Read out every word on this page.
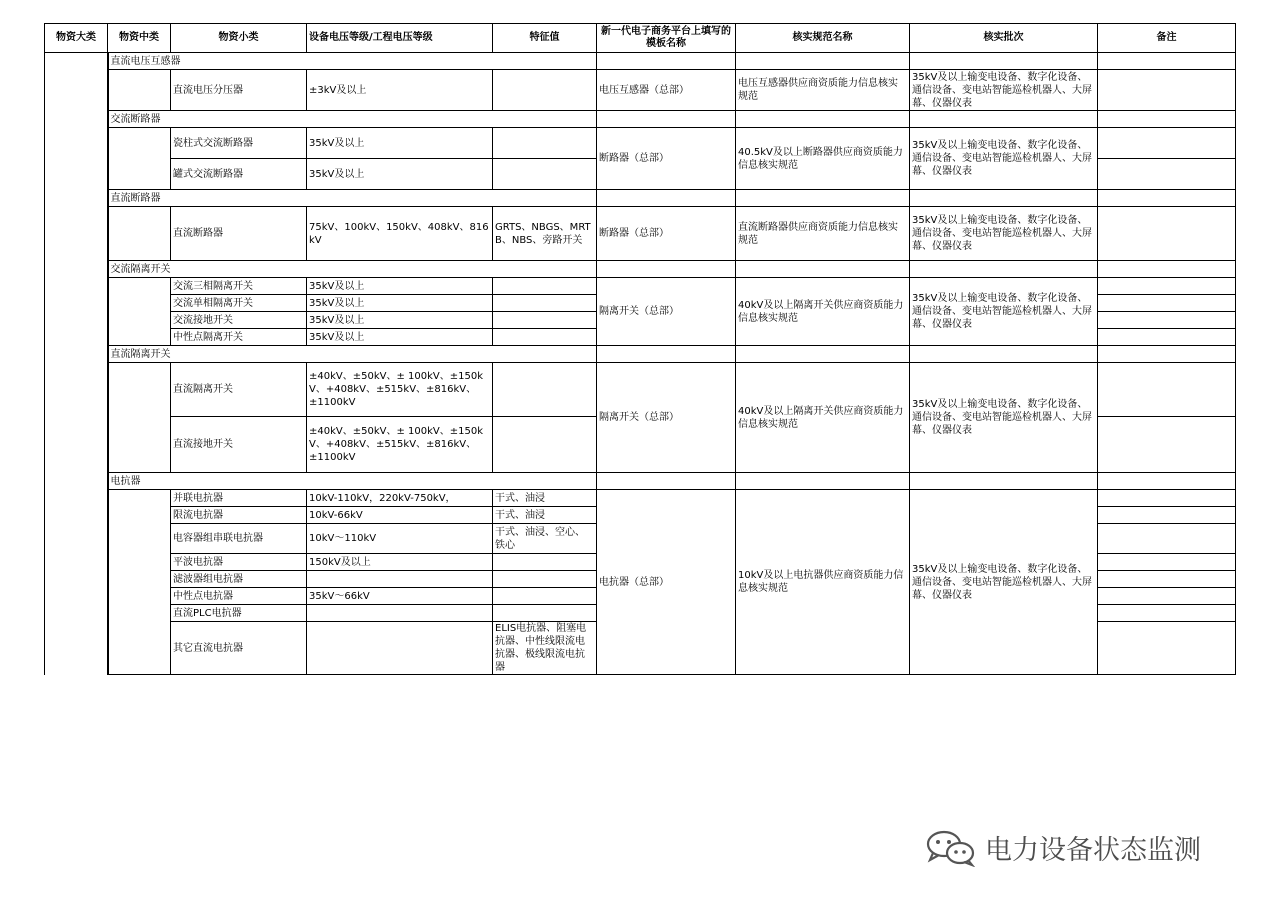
物资大类	物资中类	物资小类	设备电压等级/工程电压等级	特征值	新一代电子商务平台上填写的模板名称	核实规范名称	核实批次	备注
	直流电压互感器							
		直流电压分压器	±3kV及以上		电压互感器（总部）	电压互感器供应商资质能力信息核实规范	35kV及以上输变电设备、数字化设备、通信设备、变电站智能巡检机器人、大屏幕、仪器仪表	
	交流断路器							
		瓷柱式交流断路器	35kV及以上		断路器（总部）	40.5kV及以上断路器供应商资质能力信息核实规范	35kV及以上输变电设备、数字化设备、通信设备、变电站智能巡检机器人、大屏幕、仪器仪表	
		罐式交流断路器	35kV及以上					
	直流断路器							
		直流断路器	75kV、100kV、150kV、408kV、816kV	GRTS、NBGS、MRTB、NBS、旁路开关	断路器（总部）	直流断路器供应商资质能力信息核实规范	35kV及以上输变电设备、数字化设备、通信设备、变电站智能巡检机器人、大屏幕、仪器仪表	
	交流隔离开关							
		交流三相隔离开关	35kV及以上		隔离开关（总部）	40kV及以上隔离开关供应商资质能力信息核实规范	35kV及以上输变电设备、数字化设备、通信设备、变电站智能巡检机器人、大屏幕、仪器仪表	
		交流单相隔离开关	35kV及以上					
		交流接地开关	35kV及以上					
		中性点隔离开关	35kV及以上					
	直流隔离开关							
		直流隔离开关	±40kV、±50kV、± 100kV、±150kV、+408kV、±515kV、±816kV、±1100kV		隔离开关（总部）	40kV及以上隔离开关供应商资质能力信息核实规范	35kV及以上输变电设备、数字化设备、通信设备、变电站智能巡检机器人、大屏幕、仪器仪表	
		直流接地开关	±40kV、±50kV、± 100kV、±150kV、+408kV、±515kV、±816kV、±1100kV					
	电抗器							
		并联电抗器	10kV-110kV，220kV-750kV，	干式、油浸	电抗器（总部）	10kV及以上电抗器供应商资质能力信息核实规范	35kV及以上输变电设备、数字化设备、通信设备、变电站智能巡检机器人、大屏幕、仪器仪表	
		限流电抗器	10kV-66kV	干式、油浸				
		电容器组串联电抗器	10kV～110kV	干式、油浸、空心、铁心				
		平波电抗器	150kV及以上					
		滤波器组电抗器						
		中性点电抗器	35kV～66kV					
		直流PLC电抗器						
		其它直流电抗器		ELIS电抗器、阻塞电抗器、中性线限流电抗器、极线限流电抗器				
电力设备状态监测
